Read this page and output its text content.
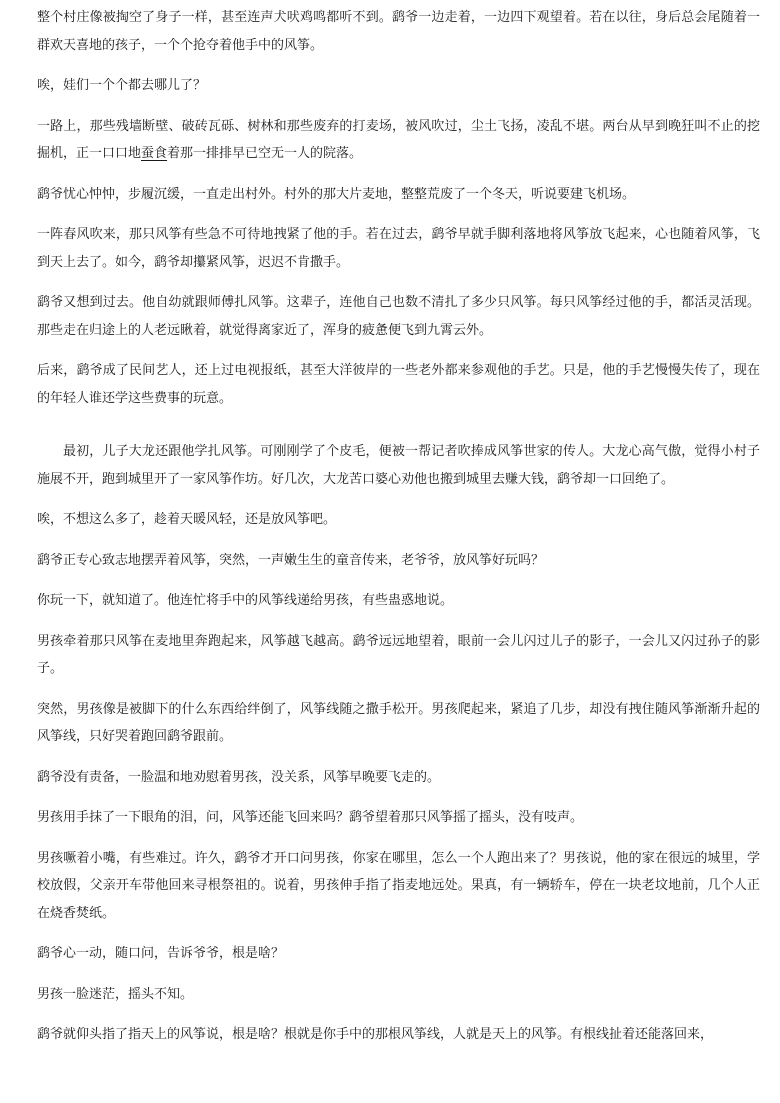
整个村庄像被掏空了身子一样，甚至连声犬吠鸡鸣都听不到。鹞爷一边走着，一边四下观望着。若在以往，身后总会尾随着一群欢天喜地的孩子，一个个抢夺着他手中的风筝。

唉，娃们一个个都去哪儿了？

一路上，那些残墙断壁、破砖瓦砾、树林和那些废弃的打麦场，被风吹过，尘土飞扬，凌乱不堪。两台从早到晚狂叫不止的挖掘机，正一口口地蚕食着那一排排早已空无一人的院落。

鹞爷忧心忡忡，步履沉缓，一直走出村外。村外的那大片麦地，整整荒废了一个冬天，听说要建飞机场。

一阵春风吹来，那只风筝有些急不可待地拽紧了他的手。若在过去，鹞爷早就手脚利落地将风筝放飞起来，心也随着风筝，飞到天上去了。如今，鹞爷却攥紧风筝，迟迟不肯撒手。

鹞爷又想到过去。他自幼就跟师傅扎风筝。这辈子，连他自己也数不清扎了多少只风筝。每只风筝经过他的手，都活灵活现。那些走在归途上的人老远瞅着，就觉得离家近了，浑身的疲惫便飞到九霄云外。

后来，鹞爷成了民间艺人，还上过电视报纸，甚至大洋彼岸的一些老外都来参观他的手艺。只是，他的手艺慢慢失传了，现在的年轻人谁还学这些费事的玩意。

最初，儿子大龙还跟他学扎风筝。可刚刚学了个皮毛，便被一帮记者吹捧成风筝世家的传人。大龙心高气傲，觉得小村子施展不开，跑到城里开了一家风筝作坊。好几次，大龙苦口婆心劝他也搬到城里去赚大钱，鹞爷却一口回绝了。

唉，不想这么多了，趁着天暖风轻，还是放风筝吧。

鹞爷正专心致志地摆弄着风筝，突然，一声嫩生生的童音传来，老爷爷，放风筝好玩吗？

你玩一下，就知道了。他连忙将手中的风筝线递给男孩，有些蛊惑地说。

男孩牵着那只风筝在麦地里奔跑起来，风筝越飞越高。鹞爷远远地望着，眼前一会儿闪过儿子的影子，一会儿又闪过孙子的影子。

突然，男孩像是被脚下的什么东西给绊倒了，风筝线随之撒手松开。男孩爬起来，紧追了几步，却没有拽住随风筝渐渐升起的风筝线，只好哭着跑回鹞爷跟前。

鹞爷没有责备，一脸温和地劝慰着男孩，没关系，风筝早晚要飞走的。

男孩用手抹了一下眼角的泪，问，风筝还能飞回来吗？鹞爷望着那只风筝摇了摇头，没有吱声。

男孩噘着小嘴，有些难过。许久，鹞爷才开口问男孩，你家在哪里，怎么一个人跑出来了？男孩说，他的家在很远的城里，学校放假，父亲开车带他回来寻根祭祖的。说着，男孩伸手指了指麦地远处。果真，有一辆轿车，停在一块老坟地前，几个人正在烧香焚纸。

鹞爷心一动，随口问，告诉爷爷，根是啥？

男孩一脸迷茫，摇头不知。

鹞爷就仰头指了指天上的风筝说，根是啥？根就是你手中的那根风筝线，人就是天上的风筝。有根线扯着还能落回来，
